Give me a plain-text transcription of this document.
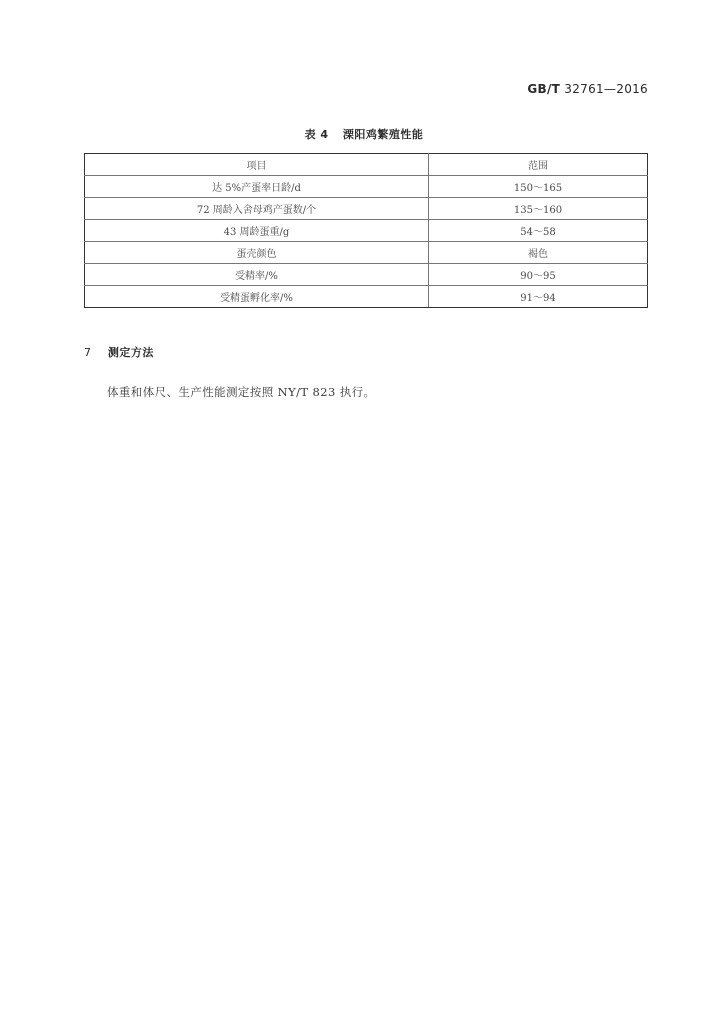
GB/T 32761—2016
表 4 溧阳鸡繁殖性能
项目	范围
达 5%产蛋率日龄/d	150～165
72 周龄入舍母鸡产蛋数/个	135～160
43 周龄蛋重/g	54～58
蛋壳颜色	褐色
受精率/%	90～95
受精蛋孵化率/%	91～94
7 测定方法
体重和体尺、生产性能测定按照 NY/T 823 执行。
